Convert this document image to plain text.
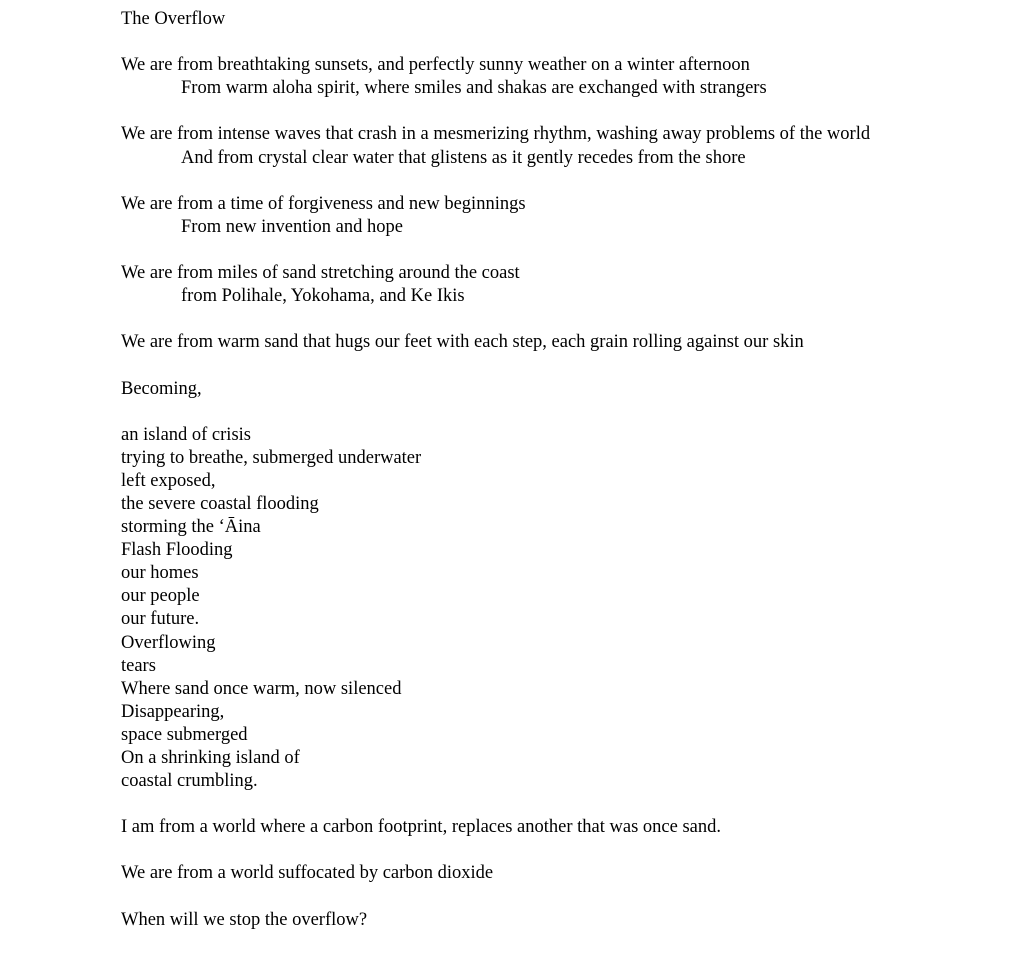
The Overflow
We are from breathtaking sunsets, and perfectly sunny weather on a winter afternoon
From warm aloha spirit, where smiles and shakas are exchanged with strangers
We are from intense waves that crash in a mesmerizing rhythm, washing away problems of the world
And from crystal clear water that glistens as it gently recedes from the shore
We are from a time of forgiveness and new beginnings
From new invention and hope
We are from miles of sand stretching around the coast
from Polihale, Yokohama, and Ke Ikis
We are from warm sand that hugs our feet with each step, each grain rolling against our skin
Becoming,
an island of crisis
trying to breathe, submerged underwater
left exposed,
the severe coastal flooding
storming the ‘Āina
Flash Flooding
our homes
our people
our future.
Overflowing
tears
Where sand once warm, now silenced
Disappearing,
space submerged
On a shrinking island of
coastal crumbling.
I am from a world where a carbon footprint, replaces another that was once sand.
We are from a world suffocated by carbon dioxide
When will we stop the overflow?
